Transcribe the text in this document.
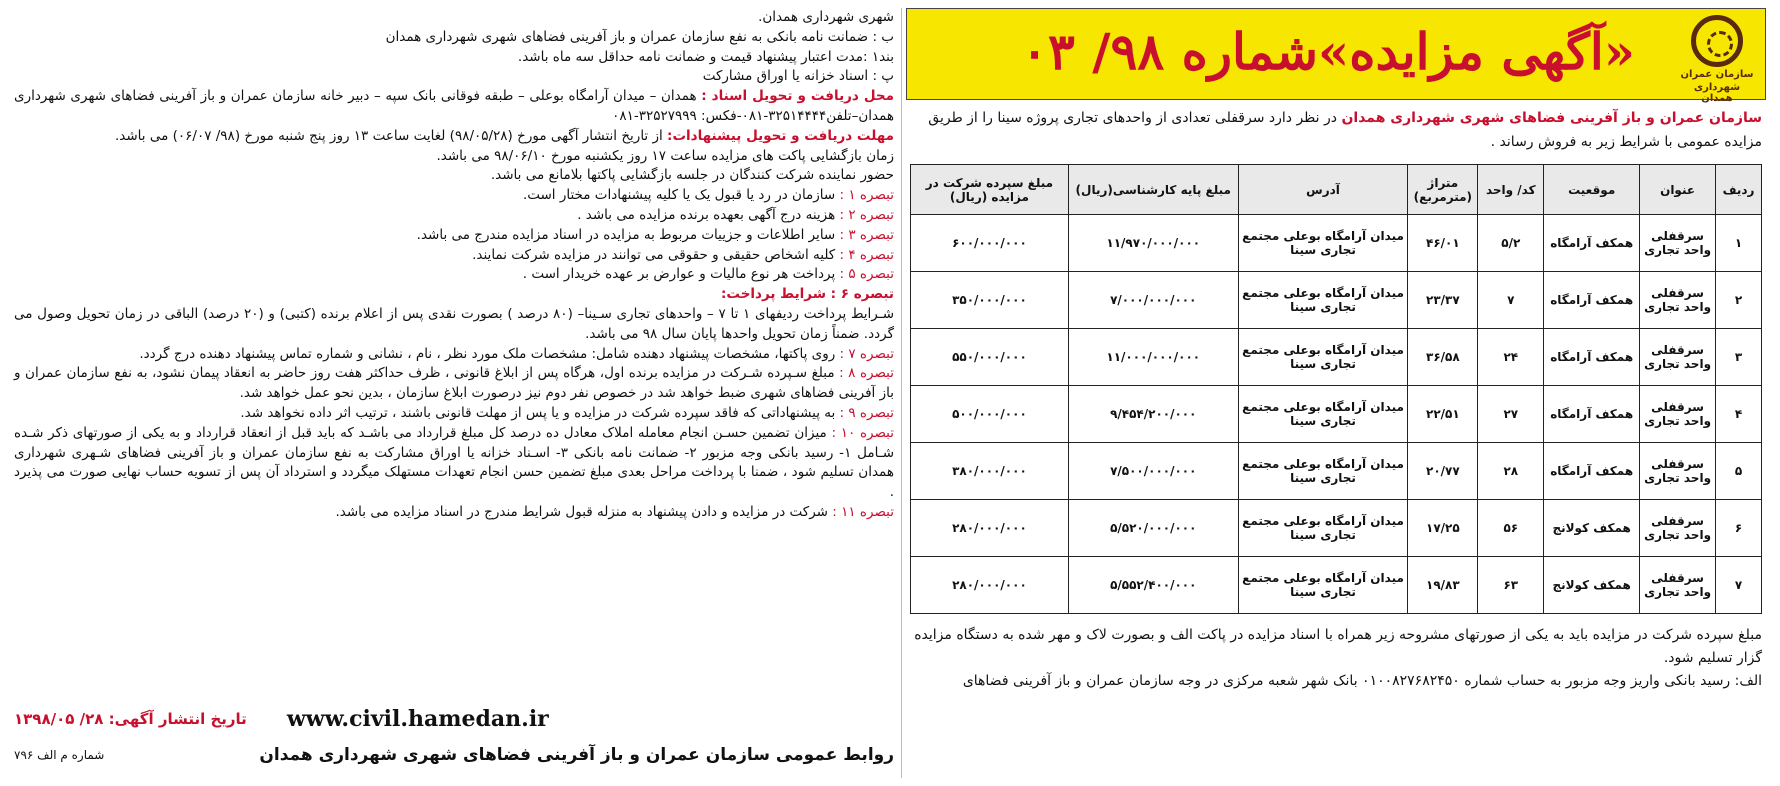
سازمان عمران
شهرداری همدان
«آگهی مزایده»شماره ۹۸/ ۰۳

سازمان عمران و باز آفرینی فضاهای شهری شهرداری همدان در نظر دارد سرقفلی تعدادی از واحدهای تجاری پروژه سینا را از طریق مزایده عمومی با شرایط زیر به فروش رساند .

ردیف	عنوان	موقعیت	کد/ واحد	متراژ (مترمربع)	آدرس	مبلغ پایه کارشناسی(ریال)	مبلغ سپرده شرکت در مزایده (ریال)
۱	سرقفلی واحد تجاری	همکف آرامگاه	۵/۲	۴۶/۰۱	میدان آرامگاه بوعلی مجتمع تجاری سینا	۱۱/۹۷۰/۰۰۰/۰۰۰	۶۰۰/۰۰۰/۰۰۰
۲	سرقفلی واحد تجاری	همکف آرامگاه	۷	۲۳/۳۷	میدان آرامگاه بوعلی مجتمع تجاری سینا	۷/۰۰۰/۰۰۰/۰۰۰	۳۵۰/۰۰۰/۰۰۰
۳	سرقفلی واحد تجاری	همکف آرامگاه	۲۴	۳۶/۵۸	میدان آرامگاه بوعلی مجتمع تجاری سینا	۱۱/۰۰۰/۰۰۰/۰۰۰	۵۵۰/۰۰۰/۰۰۰
۴	سرقفلی واحد تجاری	همکف آرامگاه	۲۷	۲۲/۵۱	میدان آرامگاه بوعلی مجتمع تجاری سینا	۹/۴۵۴/۲۰۰/۰۰۰	۵۰۰/۰۰۰/۰۰۰
۵	سرقفلی واحد تجاری	همکف آرامگاه	۲۸	۲۰/۷۷	میدان آرامگاه بوعلی مجتمع تجاری سینا	۷/۵۰۰/۰۰۰/۰۰۰	۳۸۰/۰۰۰/۰۰۰
۶	سرقفلی واحد تجاری	همکف کولانج	۵۶	۱۷/۲۵	میدان آرامگاه بوعلی مجتمع تجاری سینا	۵/۵۲۰/۰۰۰/۰۰۰	۲۸۰/۰۰۰/۰۰۰
۷	سرقفلی واحد تجاری	همکف کولانج	۶۳	۱۹/۸۳	میدان آرامگاه بوعلی مجتمع تجاری سینا	۵/۵۵۲/۴۰۰/۰۰۰	۲۸۰/۰۰۰/۰۰۰

مبلغ سپرده شرکت در مزایده باید به یکی از صورتهای مشروحه زیر همراه با اسناد مزایده در پاکت الف و بصورت لاک و مهر شده به دستگاه مزایده گزار تسلیم شود.

الف: رسید بانکی واریز وجه مزبور به حساب شماره ۰۱۰۰۸۲۷۶۸۲۴۵۰ بانک شهر شعبه مرکزی در وجه سازمان عمران و باز آفرینی فضاهای

شهری شهرداری همدان.

ب : ضمانت نامه بانکی به نفع سازمان عمران و باز آفرینی فضاهای شهری شهرداری همدان

بند۱ :مدت اعتبار پیشنهاد قیمت و ضمانت نامه حداقل سه ماه باشد.

پ : اسناد خزانه یا اوراق مشارکت

محل دریافت و تحویل اسناد : همدان – میدان آرامگاه بوعلی – طبقه فوقانی بانک سپه – دبیر خانه سازمان عمران و باز آفرینی فضاهای شهری شهرداری همدان–تلفن۳۲۵۱۴۴۴۴-۰۸۱-فکس: ۳۲۵۲۷۹۹۹-۰۸۱

مهلت دریافت و تحویل پیشنهادات: از تاریخ انتشار آگهی مورخ (۹۸/۰۵/۲۸) لغایت ساعت ۱۳ روز پنج شنبه مورخ (۹۸/ ۰۶/۰۷) می باشد.

زمان بازگشایی پاکت های مزایده ساعت ۱۷ روز یکشنبه مورخ ۹۸/۰۶/۱۰ می باشد.

حضور نماینده شرکت کنندگان در جلسه بازگشایی پاکتها بلامانع می باشد.

تبصره ۱ : سازمان در رد یا قبول یک یا کلیه پیشنهادات مختار است.

تبصره ۲ : هزینه درج آگهی بعهده برنده مزایده می باشد .

تبصره ۳ : سایر اطلاعات و جزییات مربوط به مزایده در اسناد مزایده مندرج می باشد.

تبصره ۴ : کلیه اشخاص حقیقی و حقوقی می توانند در مزایده شرکت نمایند.

تبصره ۵ : پرداخت هر نوع مالیات و عوارض بر عهده خریدار است .

تبصره ۶ : شرایط پرداخت:

شـرایط پرداخت ردیفهای ۱ تا ۷ – واحدهای تجاری سـینا– (۸۰ درصد ) بصورت نقدی پس از اعلام برنده (کتبی) و (۲۰ درصد) الباقی در زمان تحویل وصول می گردد. ضمناً زمان تحویل واحدها پایان سال ۹۸ می باشد.

تبصره ۷ : روی پاکتها، مشخصات پیشنهاد دهنده شامل: مشخصات ملک مورد نظر ، نام ، نشانی و شماره تماس پیشنهاد دهنده درج گردد.

تبصره ۸ : مبلغ سـپرده شـرکت در مزایده برنده اول، هرگاه پس از ابلاغ قانونی ، ظرف حداکثر هفت روز حاضر به انعقاد پیمان نشود، به نفع سازمان عمران و باز آفرینی فضاهای شهری ضبط خواهد شد در خصوص نفر دوم نیز درصورت ابلاغ سازمان ، بدین نحو عمل خواهد شد.

تبصره ۹ : به پیشنهاداتی که فاقد سپرده شرکت در مزایده و یا پس از مهلت قانونی باشند ، ترتیب اثر داده نخواهد شد.

تبصره ۱۰ : میزان تضمین حسـن انجام معامله املاک معادل ده درصد کل مبلغ قرارداد می باشـد که باید قبل از انعقاد قرارداد و به یکی از صورتهای ذکر شـده شـامل ۱- رسید بانکی وجه مزبور ۲- ضمانت نامه بانکی ۳- اسـناد خزانه یا اوراق مشارکت به نفع سازمان عمران و باز آفرینی فضاهای شـهری شهرداری همدان تسلیم شود ، ضمنا با پرداخت مراحل بعدی مبلغ تضمین حسن انجام تعهدات مستهلک میگردد و استرداد آن پس از تسویه حساب نهایی صورت می پذیرد .

تبصره ۱۱ : شرکت در مزایده و دادن پیشنهاد به منزله قبول شرایط مندرج در اسناد مزایده می باشد.

www.civil.hamedan.ir
تاریخ انتشار آگهی: ۲۸/ ۱۳۹۸/۰۵
روابط عمومی سازمان عمران و باز آفرینی فضاهای شهری شهرداری همدان
شماره م الف ۷۹۶
